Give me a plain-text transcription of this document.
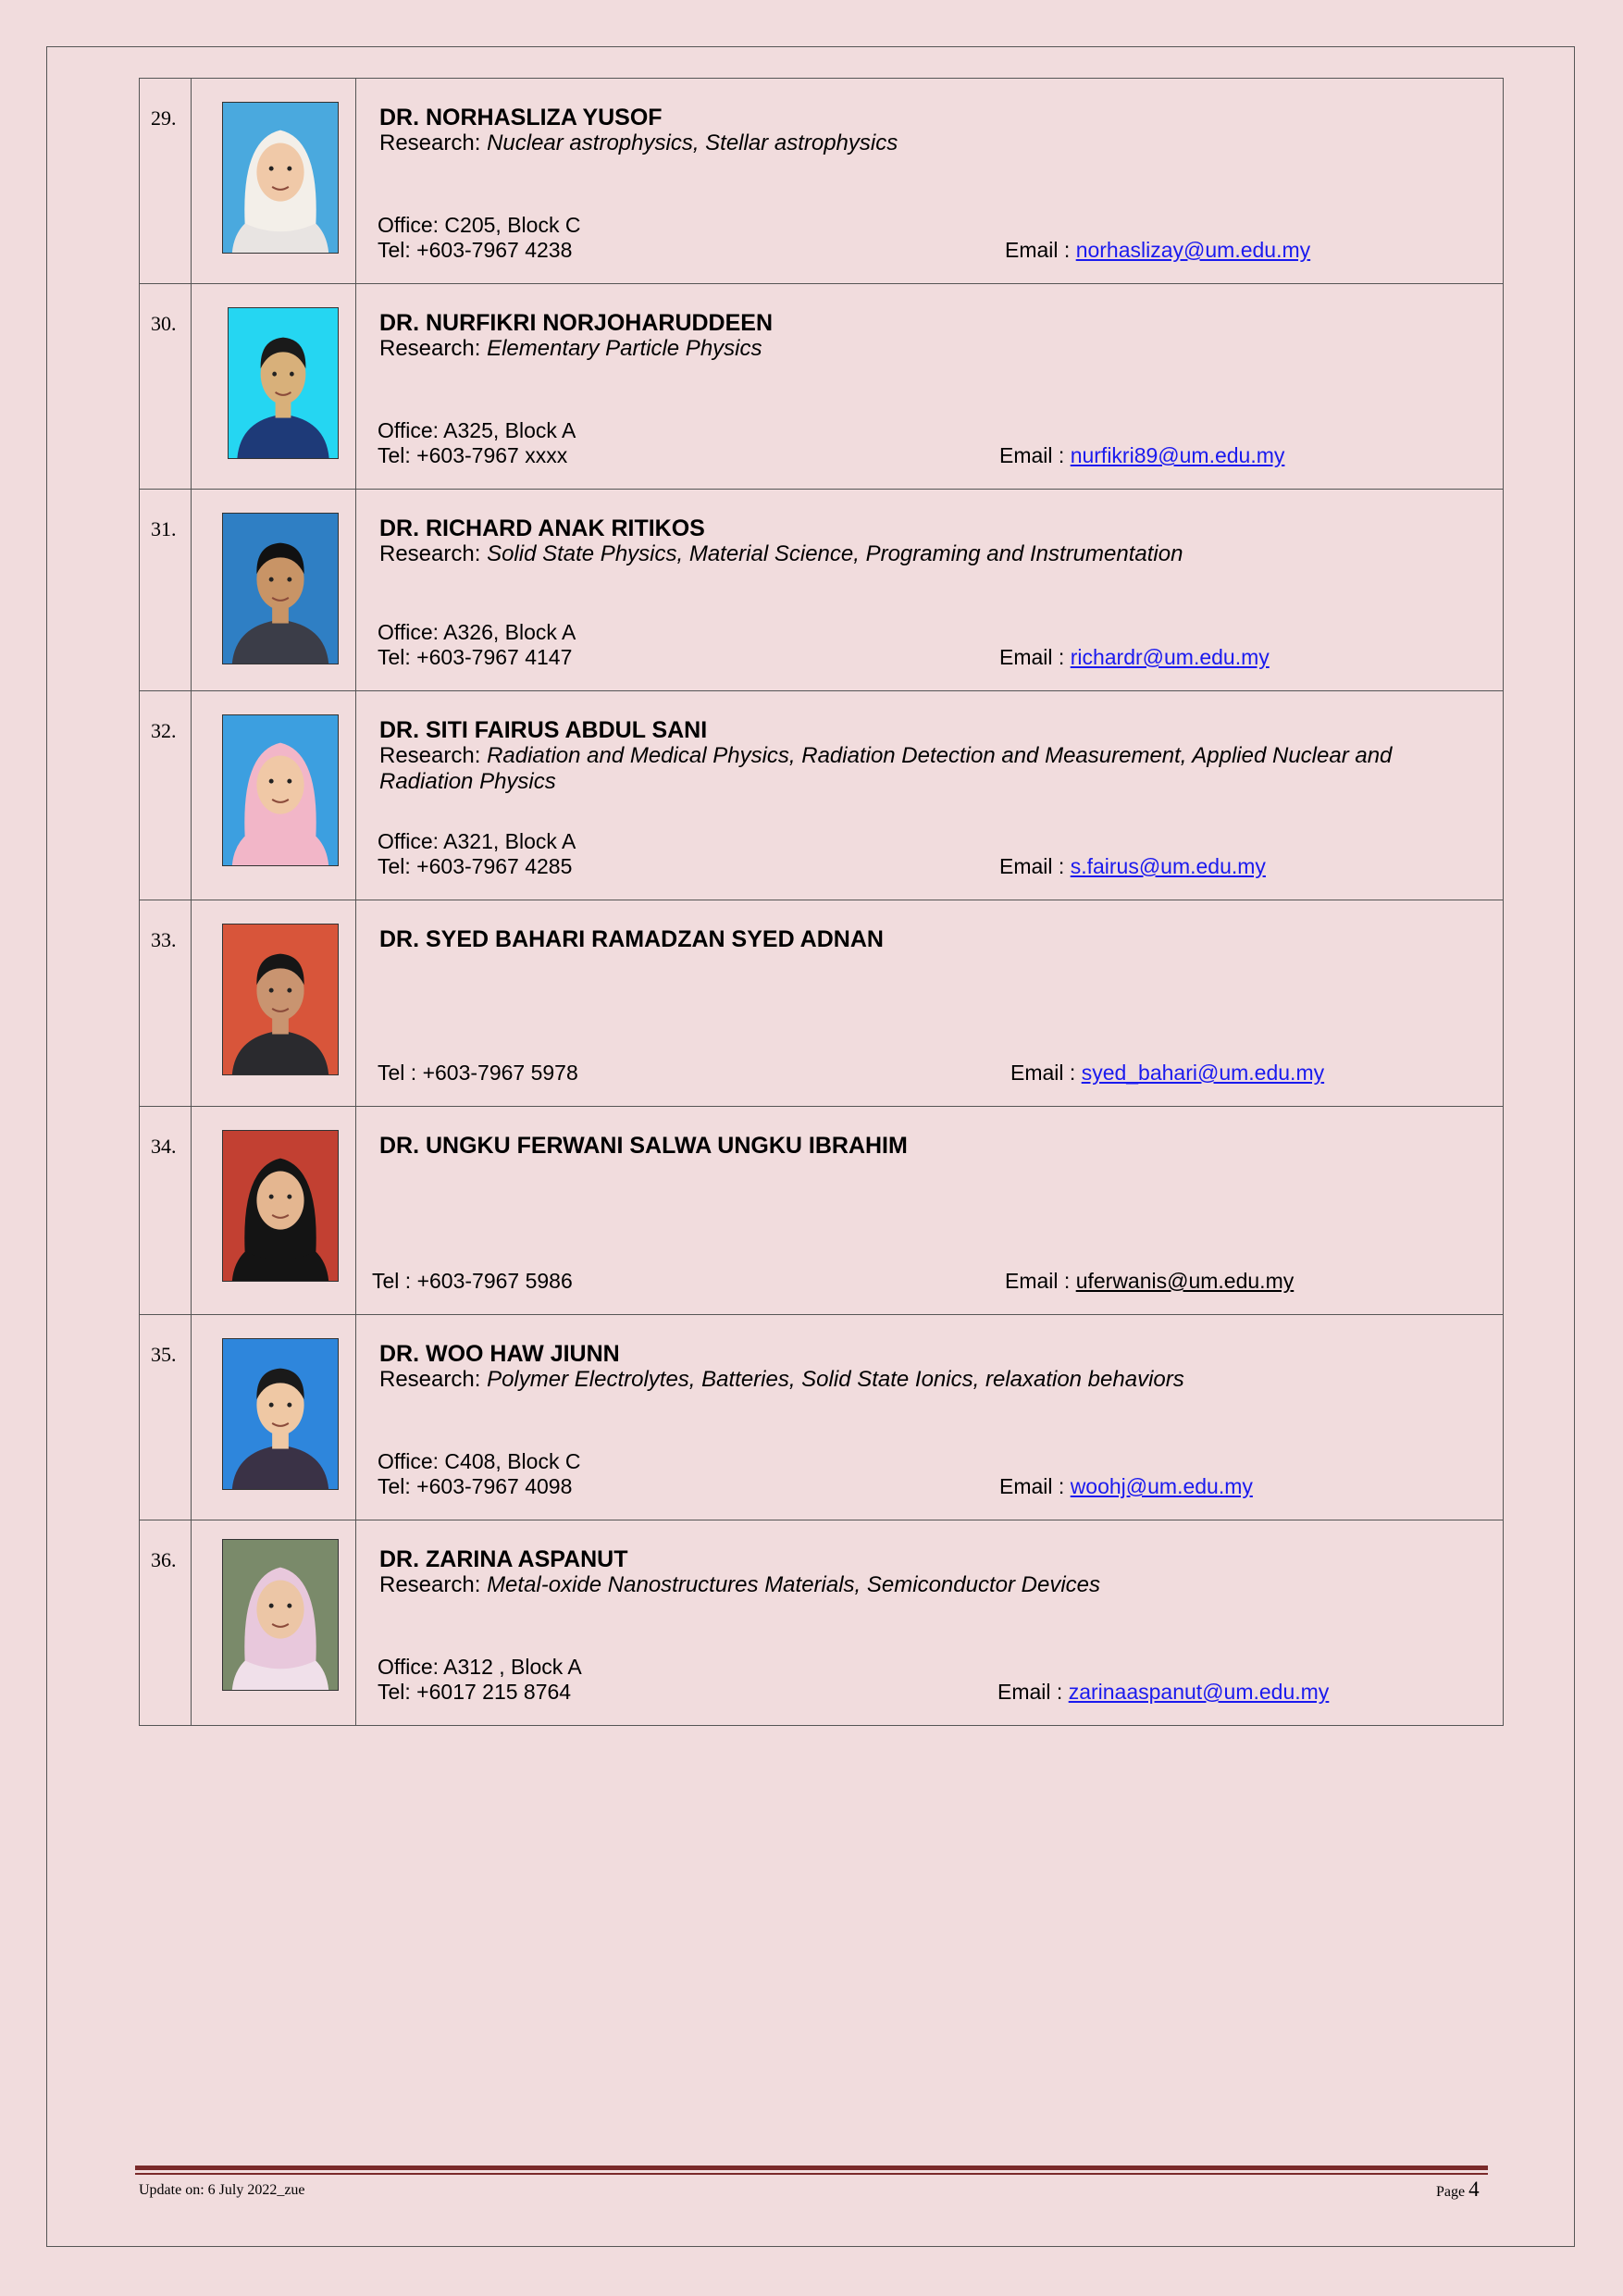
29.		DR. NORHASLIZA YUSOF
Research: Nuclear astrophysics, Stellar astrophysics
Office: C205, Block C
Tel: +603-7967 4238 Email : norhaslizay@um.edu.my

30.		DR. NURFIKRI NORJOHARUDDEEN
Research: Elementary Particle Physics
Office: A325, Block A
Tel: +603-7967 xxxx Email : nurfikri89@um.edu.my

31.		DR. RICHARD ANAK RITIKOS
Research: Solid State Physics, Material Science, Programing and Instrumentation
Office: A326, Block A
Tel: +603-7967 4147 Email : richardr@um.edu.my

32.		DR. SITI FAIRUS ABDUL SANI
Research: Radiation and Medical Physics, Radiation Detection and Measurement, Applied Nuclear and Radiation Physics
Office: A321, Block A
Tel: +603-7967 4285 Email : s.fairus@um.edu.my

33.		DR. SYED BAHARI RAMADZAN SYED ADNAN
Tel : +603-7967 5978 Email : syed_bahari@um.edu.my

34.		DR. UNGKU FERWANI SALWA UNGKU IBRAHIM
Tel : +603-7967 5986 Email : uferwanis@um.edu.my

35.		DR. WOO HAW JIUNN
Research: Polymer Electrolytes, Batteries, Solid State Ionics, relaxation behaviors
Office: C408, Block C
Tel: +603-7967 4098 Email : woohj@um.edu.my

36.		DR. ZARINA ASPANUT
Research: Metal-oxide Nanostructures Materials, Semiconductor Devices
Office: A312 , Block A
Tel: +6017 215 8764 Email : zarinaaspanut@um.edu.my
Update on: 6 July 2022_zue	Page 4
